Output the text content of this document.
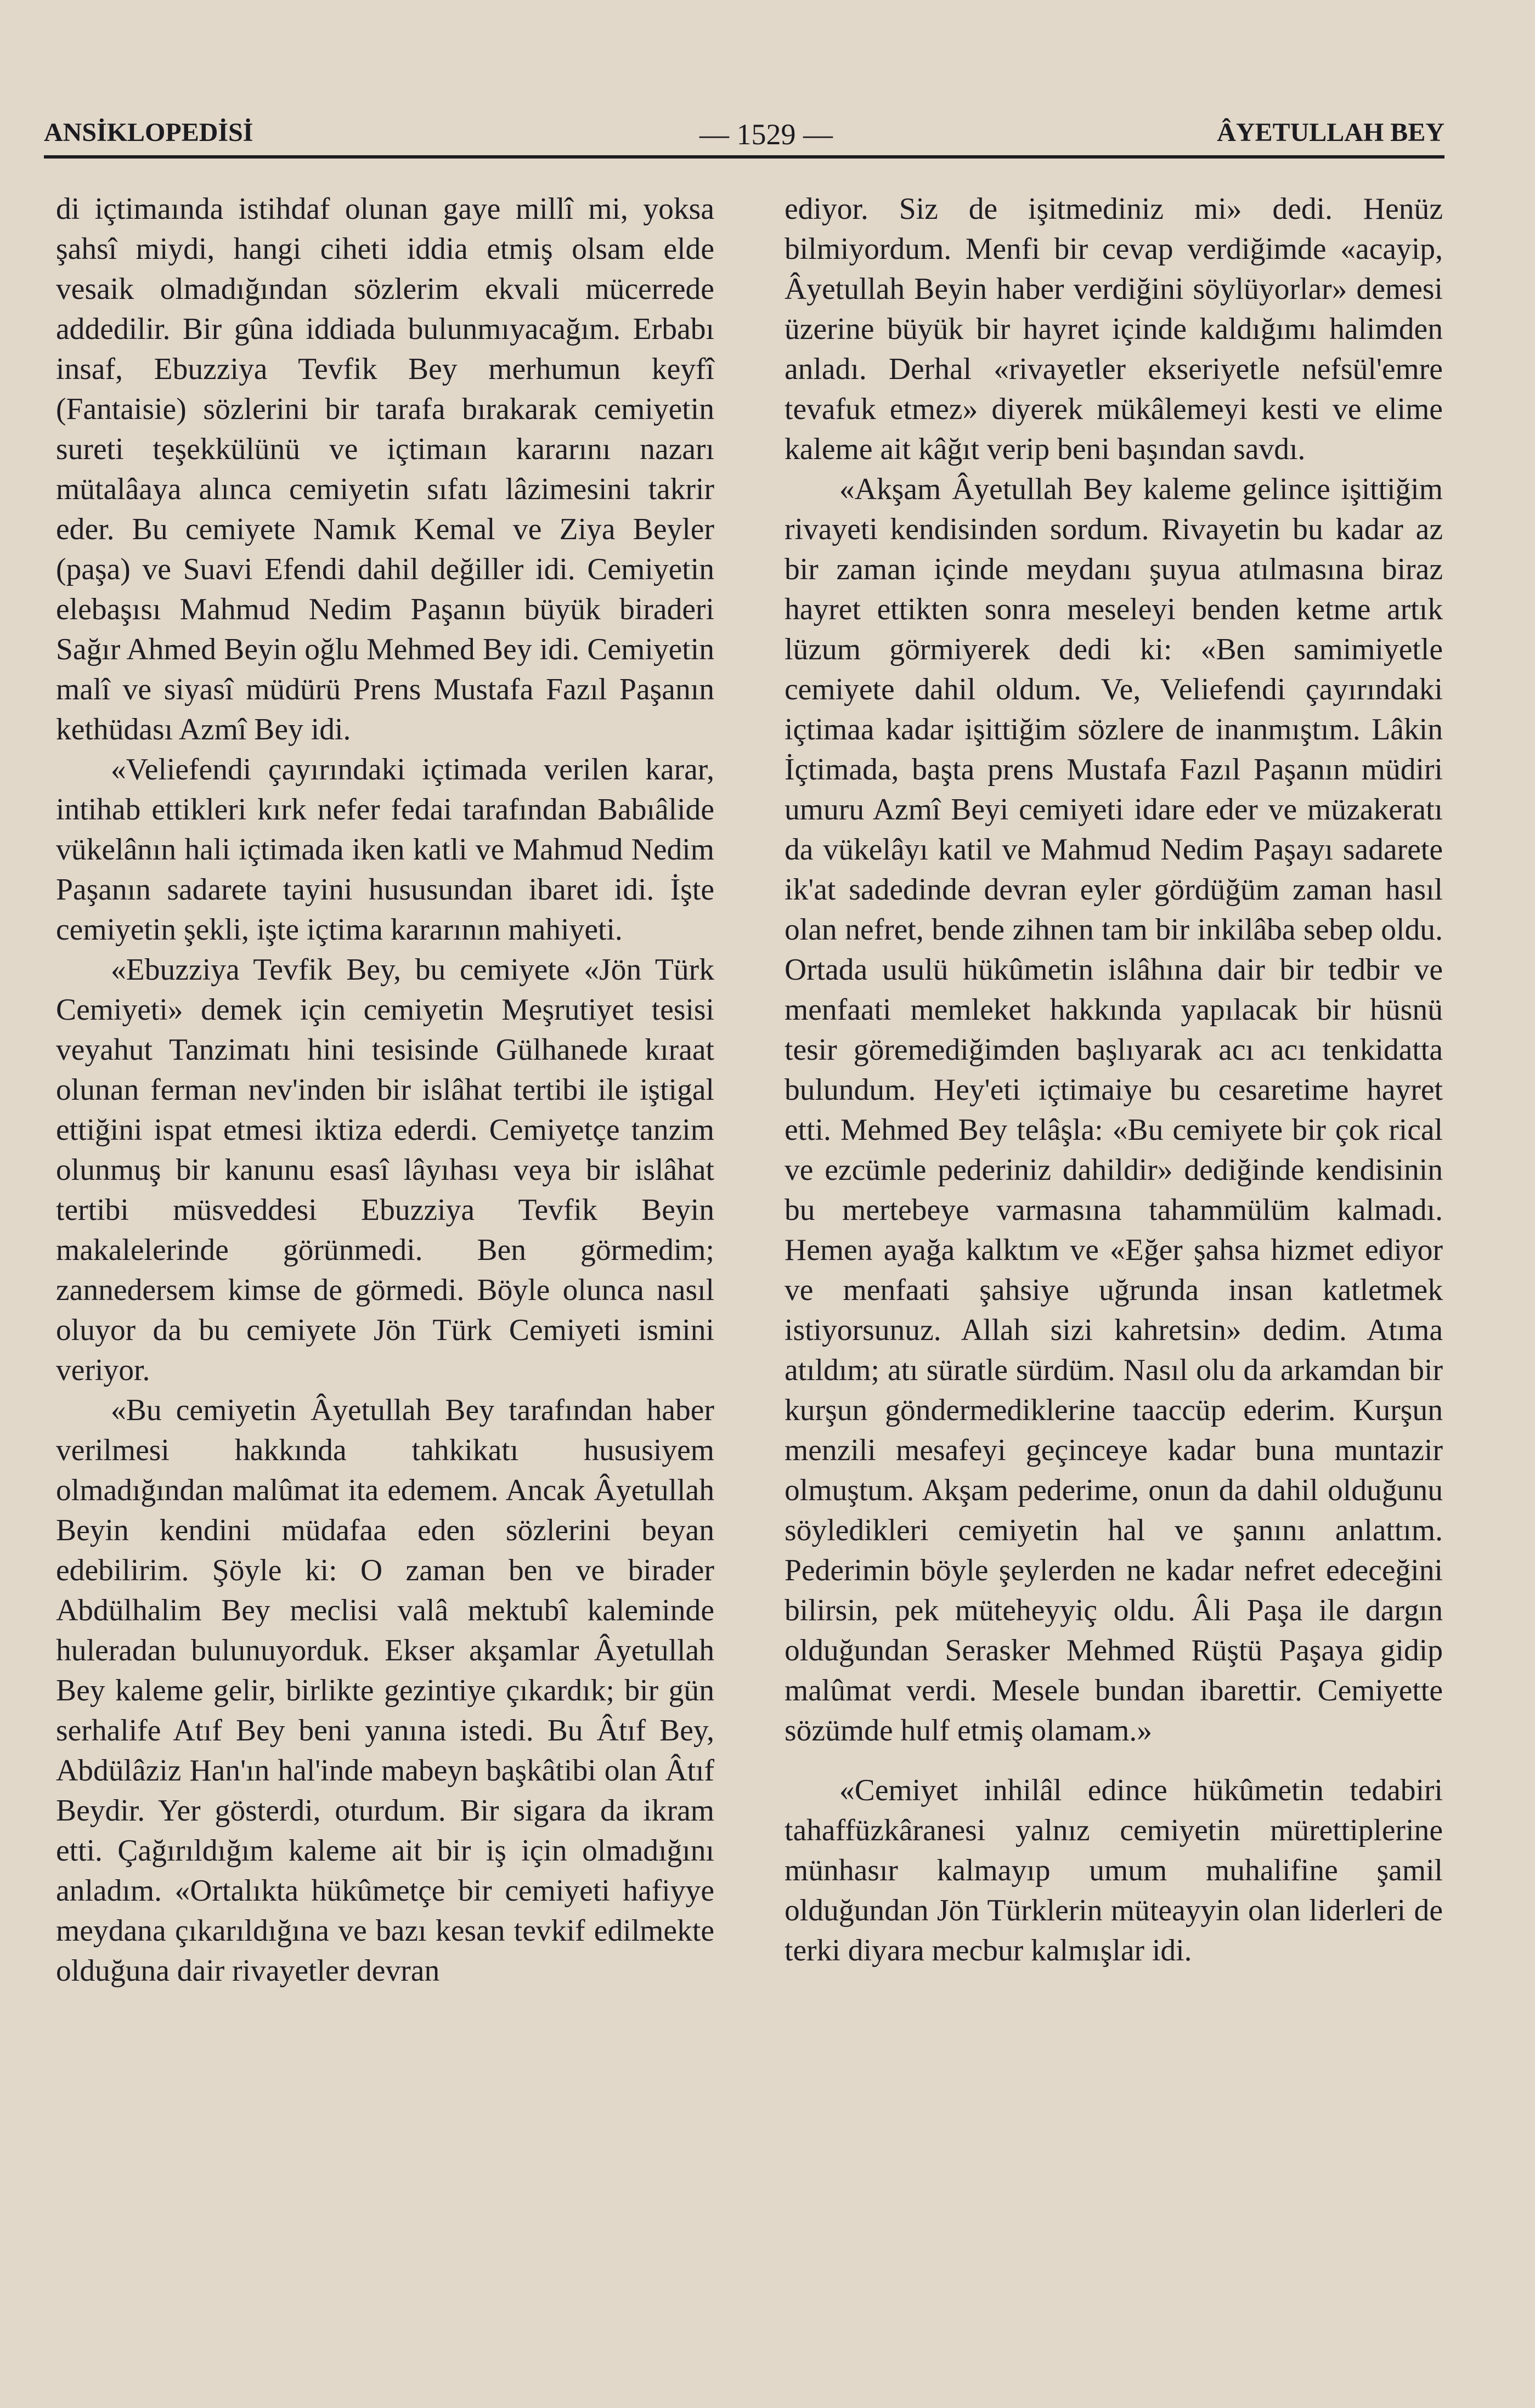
ANSİKLOPEDİSİ	— 1529 —	ÂYETULLAH BEY

di içtimaında istihdaf olunan gaye millî mi, yoksa şahsî miydi, hangi ciheti iddia etmiş olsam elde vesaik olmadığından sözlerim ekvali mücerrede addedilir. Bir gûna iddiada bulunmıyacağım. Erbabı insaf, Ebuzziya Tevfik Bey merhumun keyfî (Fantaisie) sözlerini bir tarafa bırakarak cemiyetin sureti teşekkülünü ve içtimaın kararını nazarı mütalâaya alınca cemiyetin sıfatı lâzimesini takrir eder. Bu cemiyete Namık Kemal ve Ziya Beyler (paşa) ve Suavi Efendi dahil değiller idi. Cemiyetin elebaşısı Mahmud Nedim Paşanın büyük biraderi Sağır Ahmed Beyin oğlu Mehmed Bey idi. Cemiyetin malî ve siyasî müdürü Prens Mustafa Fazıl Paşanın kethüdası Azmî Bey idi.

«Veliefendi çayırındaki içtimada verilen karar, intihab ettikleri kırk nefer fedai tarafından Babıâlide vükelânın hali içtimada iken katli ve Mahmud Nedim Paşanın sadarete tayini hususundan ibaret idi. İşte cemiyetin şekli, işte içtima kararının mahiyeti.

«Ebuzziya Tevfik Bey, bu cemiyete «Jön Türk Cemiyeti» demek için cemiyetin Meşrutiyet tesisi veyahut Tanzimatı hini tesisinde Gülhanede kıraat olunan ferman nev'inden bir islâhat tertibi ile iştigal ettiğini ispat etmesi iktiza ederdi. Cemiyetçe tanzim olunmuş bir kanunu esasî lâyıhası veya bir islâhat tertibi müsveddesi Ebuzziya Tevfik Beyin makalelerinde görünmedi. Ben görmedim; zannedersem kimse de görmedi. Böyle olunca nasıl oluyor da bu cemiyete Jön Türk Cemiyeti ismini veriyor.

«Bu cemiyetin Âyetullah Bey tarafından haber verilmesi hakkında tahkikatı hususiyem olmadığından malûmat ita edemem. Ancak Âyetullah Beyin kendini müdafaa eden sözlerini beyan edebilirim. Şöyle ki: O zaman ben ve birader Abdülhalim Bey meclisi valâ mektubî kaleminde huleradan bulunuyorduk. Ekser akşamlar Âyetullah Bey kaleme gelir, birlikte gezintiye çıkardık; bir gün serhalife Atıf Bey beni yanına istedi. Bu Âtıf Bey, Abdülâziz Han'ın hal'inde mabeyn başkâtibi olan Âtıf Beydir. Yer gösterdi, oturdum. Bir sigara da ikram etti. Çağırıldığım kaleme ait bir iş için olmadığını anladım. «Ortalıkta hükûmetçe bir cemiyeti hafiyye meydana çıkarıldığına ve bazı kesan tevkif edilmekte olduğuna dair rivayetler devran

ediyor. Siz de işitmediniz mi» dedi. Henüz bilmiyordum. Menfi bir cevap verdiğimde «acayip, Âyetullah Beyin haber verdiğini söylüyorlar» demesi üzerine büyük bir hayret içinde kaldığımı halimden anladı. Derhal «rivayetler ekseriyetle nefsül'emre tevafuk etmez» diyerek mükâlemeyi kesti ve elime kaleme ait kâğıt verip beni başından savdı.

«Akşam Âyetullah Bey kaleme gelince işittiğim rivayeti kendisinden sordum. Rivayetin bu kadar az bir zaman içinde meydanı şuyua atılmasına biraz hayret ettikten sonra meseleyi benden ketme artık lüzum görmiyerek dedi ki: «Ben samimiyetle cemiyete dahil oldum. Ve, Veliefendi çayırındaki içtimaa kadar işittiğim sözlere de inanmıştım. Lâkin İçtimada, başta prens Mustafa Fazıl Paşanın müdiri umuru Azmî Beyi cemiyeti idare eder ve müzakeratı da vükelâyı katil ve Mahmud Nedim Paşayı sadarete ik'at sadedinde devran eyler gördüğüm zaman hasıl olan nefret, bende zihnen tam bir inkilâba sebep oldu. Ortada usulü hükûmetin islâhına dair bir tedbir ve menfaati memleket hakkında yapılacak bir hüsnü tesir göremediğimden başlıyarak acı acı tenkidatta bulundum. Hey'eti içtimaiye bu cesaretime hayret etti. Mehmed Bey telâşla: «Bu cemiyete bir çok rical ve ezcümle pederiniz dahildir» dediğinde kendisinin bu mertebeye varmasına tahammülüm kalmadı. Hemen ayağa kalktım ve «Eğer şahsa hizmet ediyor ve menfaati şahsiye uğrunda insan katletmek istiyorsunuz. Allah sizi kahretsin» dedim. Atıma atıldım; atı süratle sürdüm. Nasıl olu da arkamdan bir kurşun göndermediklerine taaccüp ederim. Kurşun menzili mesafeyi geçinceye kadar buna muntazir olmuştum. Akşam pederime, onun da dahil olduğunu söyledikleri cemiyetin hal ve şanını anlattım. Pederimin böyle şeylerden ne kadar nefret edeceğini bilirsin, pek müteheyyiç oldu. Âli Paşa ile dargın olduğundan Serasker Mehmed Rüştü Paşaya gidip malûmat verdi. Mesele bundan ibarettir. Cemiyette sözümde hulf etmiş olamam.»

«Cemiyet inhilâl edince hükûmetin tedabiri tahaffüzkâranesi yalnız cemiyetin mürettiplerine münhasır kalmayıp umum muhalifine şamil olduğundan Jön Türklerin müteayyin olan liderleri de terki diyara mecbur kalmışlar idi.
